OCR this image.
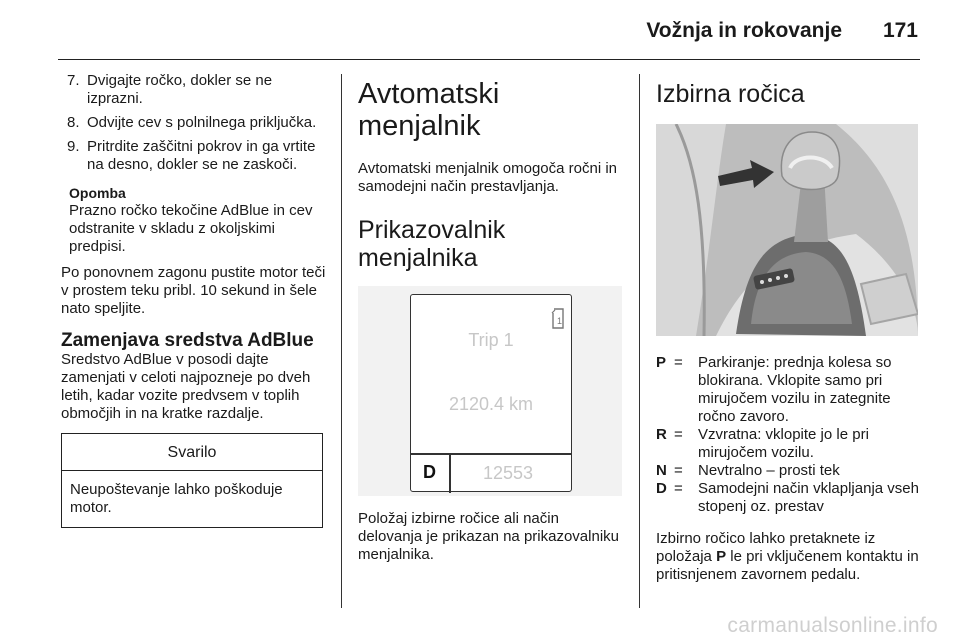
Vožnja in rokovanje 171
7. Dvigajte ročko, dokler se ne izprazni.
8. Odvijte cev s polnilnega priključka.
9. Pritrdite zaščitni pokrov in ga vrtite na desno, dokler se ne zaskoči.
Opomba
Prazno ročko tekočine AdBlue in cev odstranite v skladu z okoljskimi predpisi.
Po ponovnem zagonu pustite motor teči v prostem teku pribl. 10 sekund in šele nato speljite.
Zamenjava sredstva AdBlue
Sredstvo AdBlue v posodi dajte zamenjati v celoti najpozneje po dveh letih, kadar vozite predvsem v toplih območjih in na kratke razdalje.
Svarilo
Neupoštevanje lahko poškoduje motor.
Avtomatski menjalnik
Avtomatski menjalnik omogoča ročni in samodejni način prestavljanja.
Prikazovalnik menjalnika
1
Trip 1
2120.4 km
D	12553
Položaj izbirne ročice ali način delovanja je prikazan na prikazovalniku menjalnika.
Izbirna ročica
P =	Parkiranje: prednja kolesa so blokirana. Vklopite samo pri mirujočem vozilu in zategnite ročno zavoro.
R =	Vzvratna: vklopite jo le pri mirujočem vozilu.
N =	Nevtralno – prosti tek
D =	Samodejni način vklapljanja vseh stopenj oz. prestav
Izbirno ročico lahko pretaknete iz položaja P le pri vključenem kontaktu in pritisnjenem zavornem pedalu.
carmanualsonline.info
